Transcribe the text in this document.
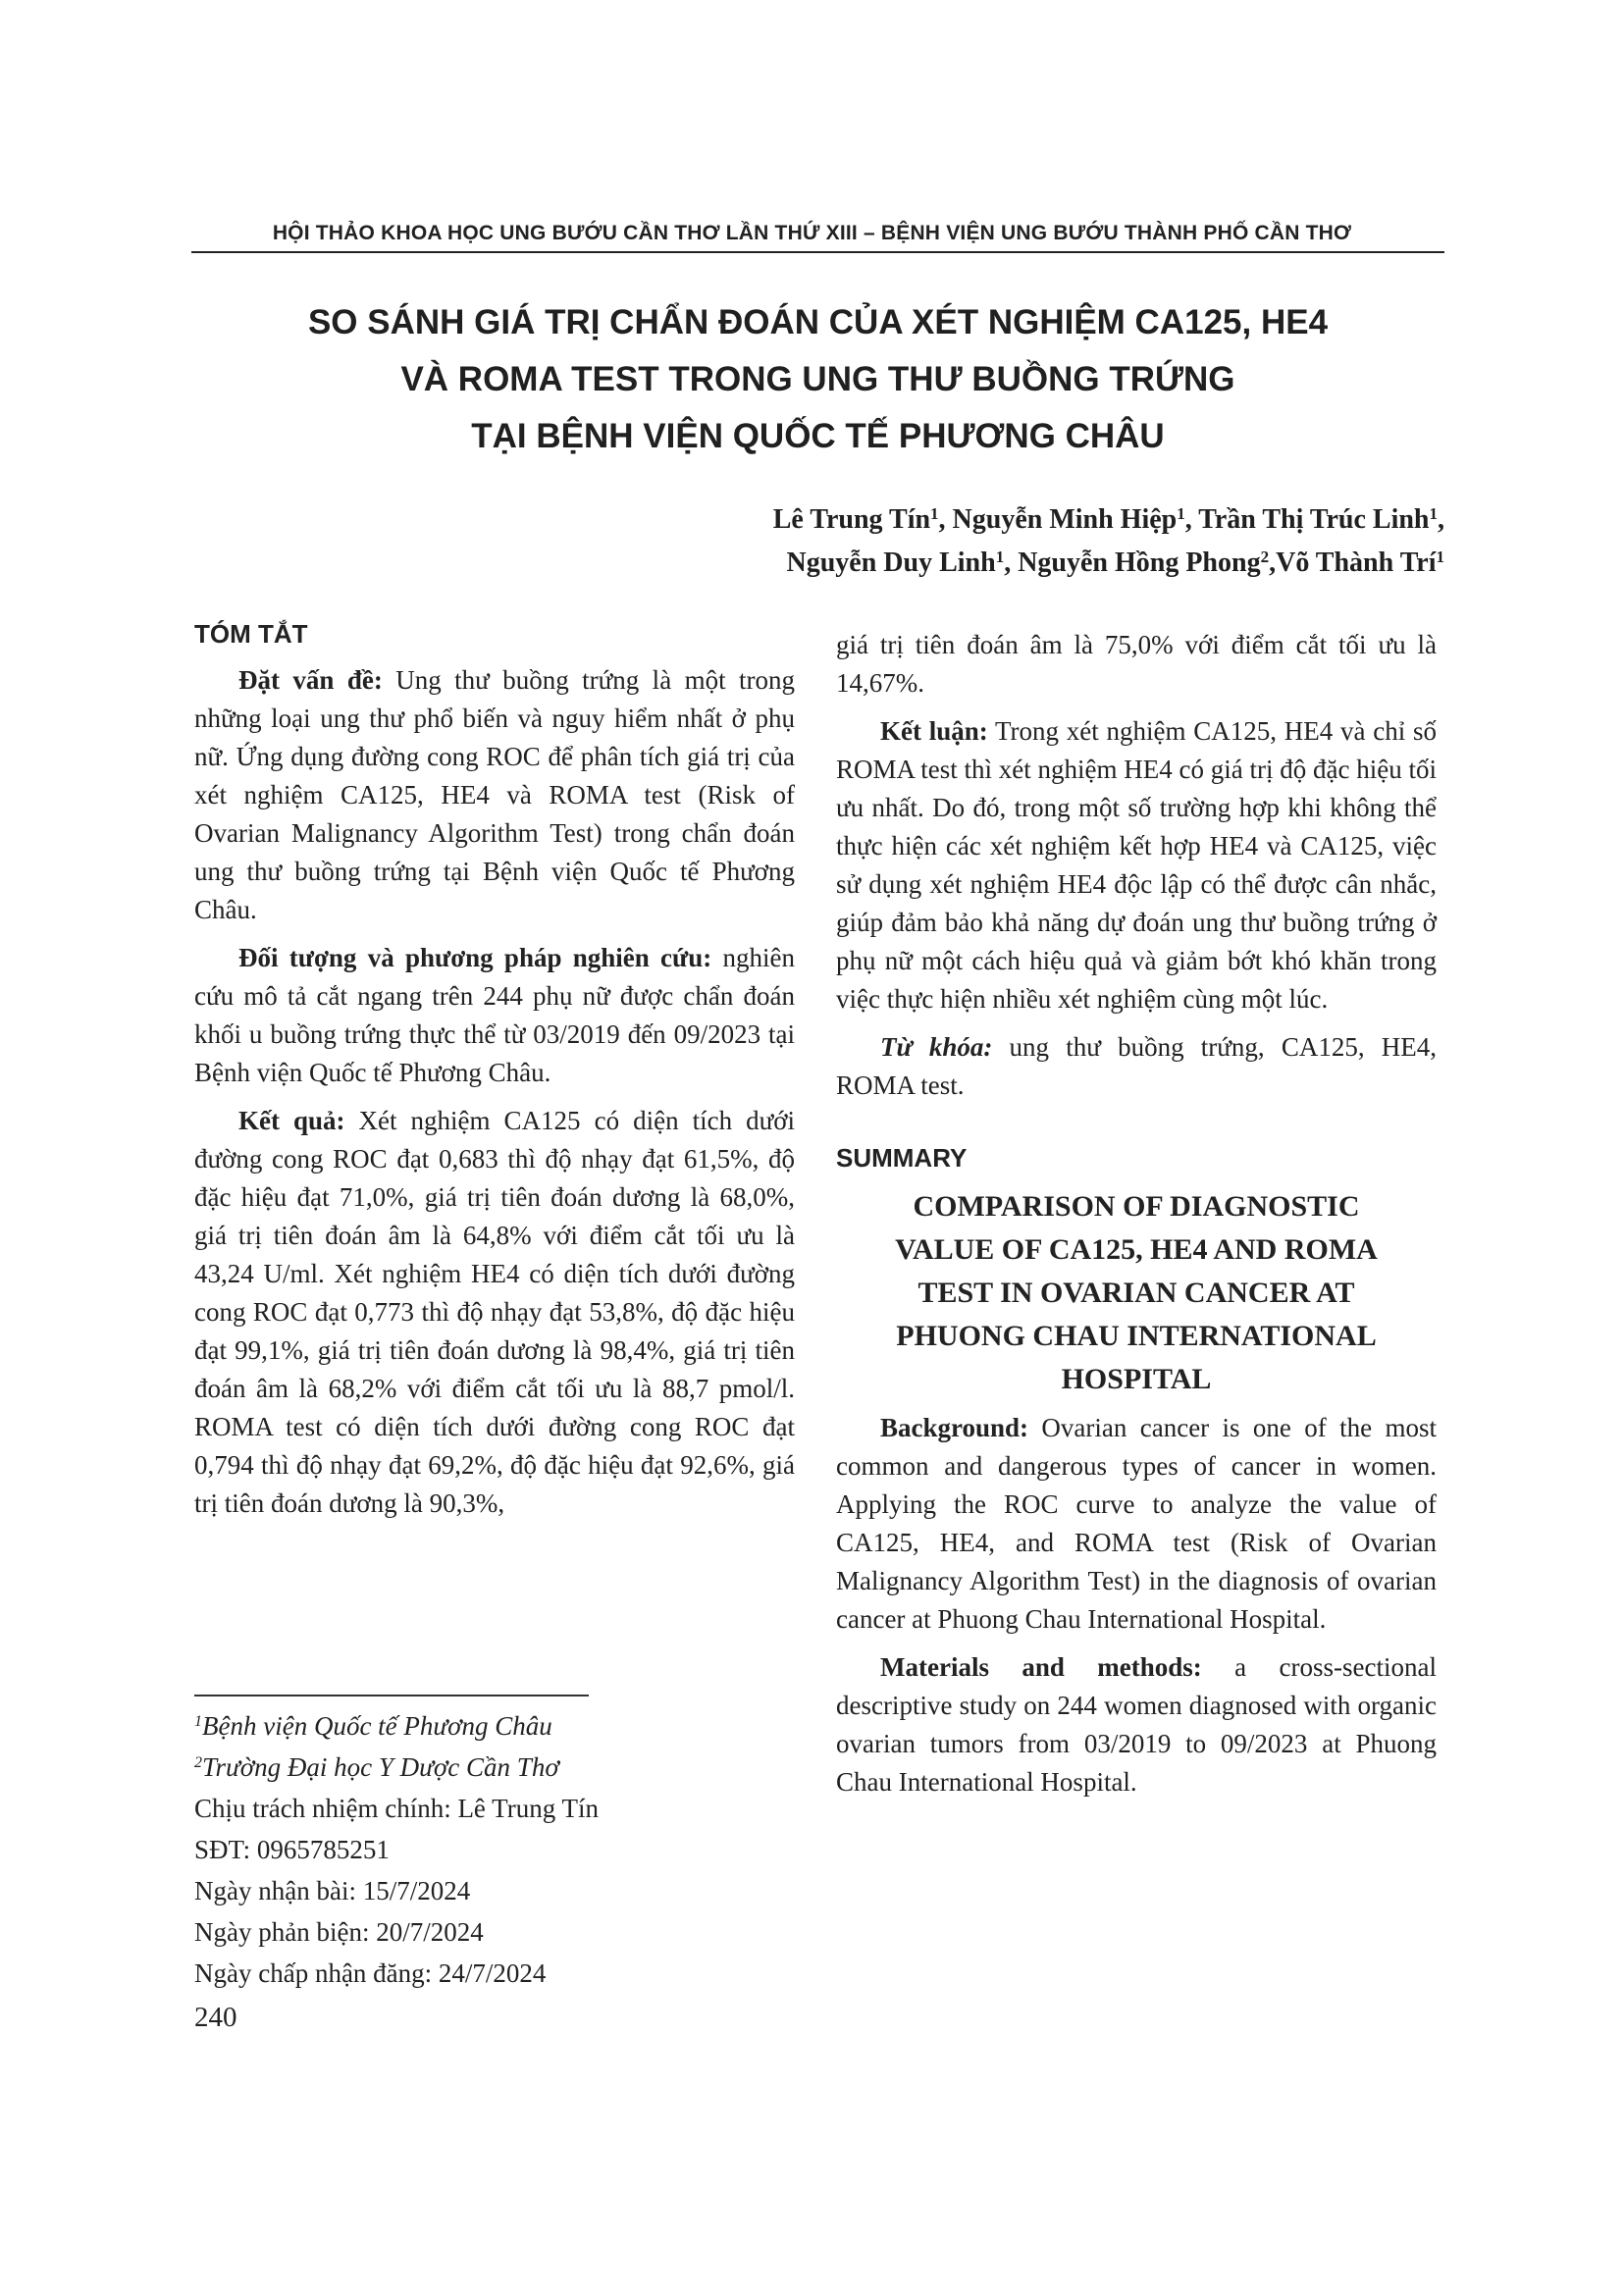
HỘI THẢO KHOA HỌC UNG BƯỚU CẦN THƠ LẦN THỨ XIII – BỆNH VIỆN UNG BƯỚU THÀNH PHỐ CẦN THƠ
SO SÁNH GIÁ TRỊ CHẨN ĐOÁN CỦA XÉT NGHIỆM CA125, HE4
VÀ ROMA TEST TRONG UNG THƯ BUỒNG TRỨNG
TẠI BỆNH VIỆN QUỐC TẾ PHƯƠNG CHÂU
Lê Trung Tín$^1$, Nguyễn Minh Hiệp$^1$, Trần Thị Trúc Linh$^1$,
Nguyễn Duy Linh$^1$, Nguyễn Hồng Phong$^2$,Võ Thành Trí$^1$
TÓM TẮT

Đặt vấn đề: Ung thư buồng trứng là một trong những loại ung thư phổ biến và nguy hiểm nhất ở phụ nữ. Ứng dụng đường cong ROC để phân tích giá trị của xét nghiệm CA125, HE4 và ROMA test (Risk of Ovarian Malignancy Algorithm Test) trong chẩn đoán ung thư buồng trứng tại Bệnh viện Quốc tế Phương Châu.

Đối tượng và phương pháp nghiên cứu: nghiên cứu mô tả cắt ngang trên 244 phụ nữ được chẩn đoán khối u buồng trứng thực thể từ 03/2019 đến 09/2023 tại Bệnh viện Quốc tế Phương Châu.

Kết quả: Xét nghiệm CA125 có diện tích dưới đường cong ROC đạt 0,683 thì độ nhạy đạt 61,5%, độ đặc hiệu đạt 71,0%, giá trị tiên đoán dương là 68,0%, giá trị tiên đoán âm là 64,8% với điểm cắt tối ưu là 43,24 U/ml. Xét nghiệm HE4 có diện tích dưới đường cong ROC đạt 0,773 thì độ nhạy đạt 53,8%, độ đặc hiệu đạt 99,1%, giá trị tiên đoán dương là 98,4%, giá trị tiên đoán âm là 68,2% với điểm cắt tối ưu là 88,7 pmol/l. ROMA test có diện tích dưới đường cong ROC đạt 0,794 thì độ nhạy đạt 69,2%, độ đặc hiệu đạt 92,6%, giá trị tiên đoán dương là 90,3%,

giá trị tiên đoán âm là 75,0% với điểm cắt tối ưu là 14,67%.

Kết luận: Trong xét nghiệm CA125, HE4 và chỉ số ROMA test thì xét nghiệm HE4 có giá trị độ đặc hiệu tối ưu nhất. Do đó, trong một số trường hợp khi không thể thực hiện các xét nghiệm kết hợp HE4 và CA125, việc sử dụng xét nghiệm HE4 độc lập có thể được cân nhắc, giúp đảm bảo khả năng dự đoán ung thư buồng trứng ở phụ nữ một cách hiệu quả và giảm bớt khó khăn trong việc thực hiện nhiều xét nghiệm cùng một lúc.

Từ khóa: ung thư buồng trứng, CA125, HE4, ROMA test.

SUMMARY
COMPARISON OF DIAGNOSTIC
VALUE OF CA125, HE4 AND ROMA
TEST IN OVARIAN CANCER AT
PHUONG CHAU INTERNATIONAL
HOSPITAL

Background: Ovarian cancer is one of the most common and dangerous types of cancer in women. Applying the ROC curve to analyze the value of CA125, HE4, and ROMA test (Risk of Ovarian Malignancy Algorithm Test) in the diagnosis of ovarian cancer at Phuong Chau International Hospital.

Materials and methods: a cross-sectional descriptive study on 244 women diagnosed with organic ovarian tumors from 03/2019 to 09/2023 at Phuong Chau International Hospital.

$^1$Bệnh viện Quốc tế Phương Châu
$^2$Trường Đại học Y Dược Cần Thơ
Chịu trách nhiệm chính: Lê Trung Tín
SĐT: 0965785251
Ngày nhận bài: 15/7/2024
Ngày phản biện: 20/7/2024
Ngày chấp nhận đăng: 24/7/2024
240
